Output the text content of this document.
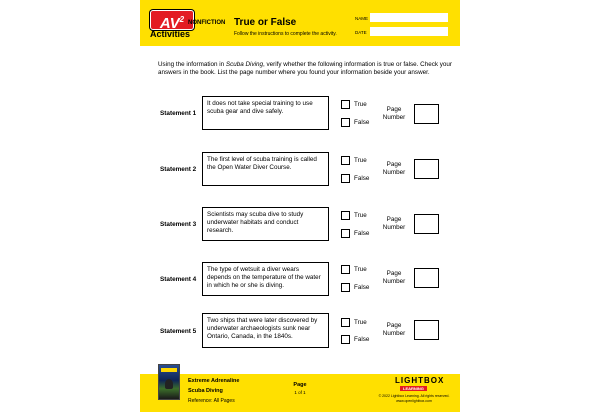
$AV^2$ NONFICTION
Activities
True or False
Follow the instructions to complete the activity.
NAME
DATE
Using the information in Scuba Diving, verify whether the following information is true or false. Check your answers in the book. List the page number where you found your information beside your answer.
Statement 1
It does not take special training to use scuba gear and dive safely.
True
False
Page
Number
Statement 2
The first level of scuba training is called the Open Water Diver Course.
True
False
Page
Number
Statement 3
Scientists may scuba dive to study underwater habitats and conduct research.
True
False
Page
Number
Statement 4
The type of wetsuit a diver wears depends on the temperature of the water in which he or she is diving.
True
False
Page
Number
Statement 5
Two ships that were later discovered by underwater archaeologists sunk near Ontario, Canada, in the 1840s.
True
False
Page
Number
Extreme Adrenaline
Scuba Diving
Reference: All Pages
Page
1 of 1
LIGHTBOX
LEARNING
© 2022 Lightbox Learning. All rights reserved.
www.openlightbox.com
